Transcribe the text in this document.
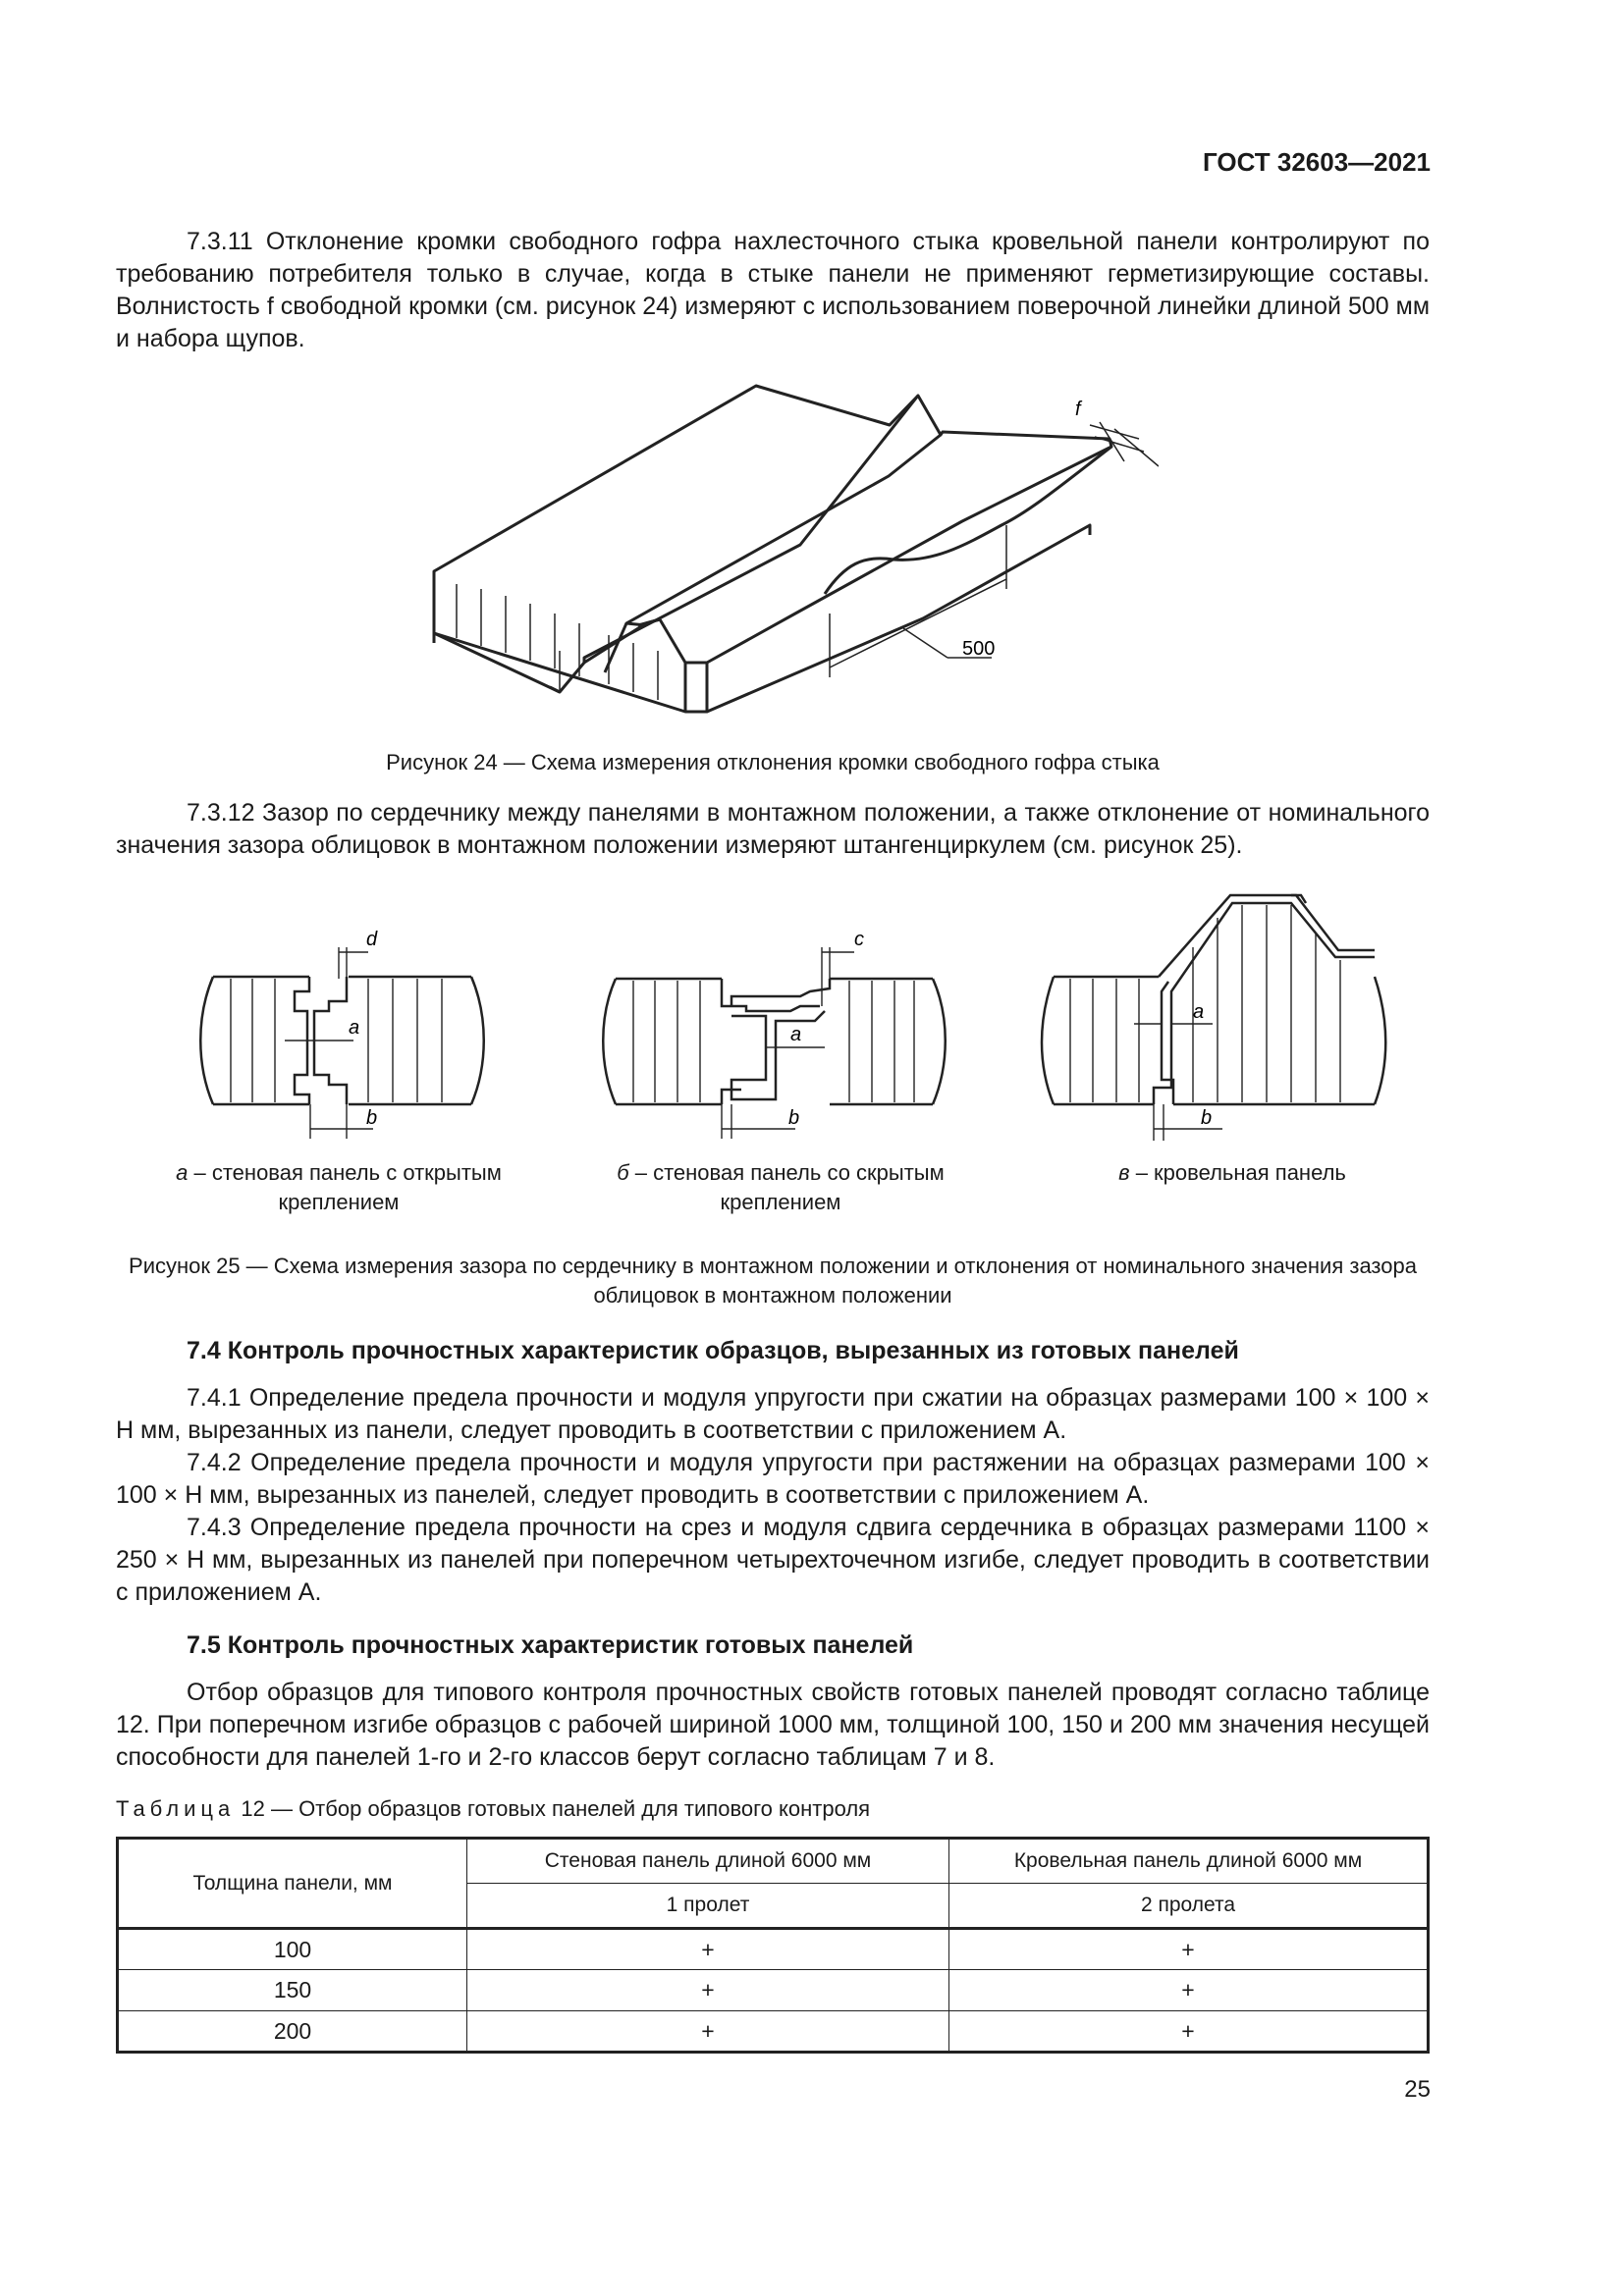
ГОСТ 32603—2021

7.3.11 Отклонение кромки свободного гофра нахлесточного стыка кровельной панели контролируют по требованию потребителя только в случае, когда в стыке панели не применяют герметизирующие составы. Волнистость f свободной кромки (см. рисунок 24) измеряют с использованием поверочной линейки длиной 500 мм и набора щупов.

500
f
Рисунок 24 — Схема измерения отклонения кромки свободного гофра стыка

7.3.12 Зазор по сердечнику между панелями в монтажном положении, а также отклонение от номинального значения зазора облицовок в монтажном положении измеряют штангенциркулем (см. рисунок 25).

d
a
b
c
a
b
a
b
а – стеновая панель с открытым креплением
б – стеновая панель со скрытым креплением
в – кровельная панель
Рисунок 25 — Схема измерения зазора по сердечнику в монтажном положении и отклонения от номинального значения зазора облицовок в монтажном положении
7.4 Контроль прочностных характеристик образцов, вырезанных из готовых панелей

7.4.1 Определение предела прочности и модуля упругости при сжатии на образцах размерами 100 × 100 × H мм, вырезанных из панели, следует проводить в соответствии с приложением А.

7.4.2 Определение предела прочности и модуля упругости при растяжении на образцах размерами 100 × 100 × H мм, вырезанных из панелей, следует проводить в соответствии с приложением А.

7.4.3 Определение предела прочности на срез и модуля сдвига сердечника в образцах размерами 1100 × 250 × H мм, вырезанных из панелей при поперечном четырехточечном изгибе, следует проводить в соответствии с приложением А.

7.5 Контроль прочностных характеристик готовых панелей

Отбор образцов для типового контроля прочностных свойств готовых панелей проводят согласно таблице 12. При поперечном изгибе образцов с рабочей шириной 1000 мм, толщиной 100, 150 и 200 мм значения несущей способности для панелей 1-го и 2-го классов берут согласно таблицам 7 и 8.

Таблица 12 — Отбор образцов готовых панелей для типового контроля
Толщина панели, мм	Стеновая панель длиной 6000 мм	Кровельная панель длиной 6000 мм
	1 пролет	2 пролета
100	+	+
150	+	+
200	+	+
25
